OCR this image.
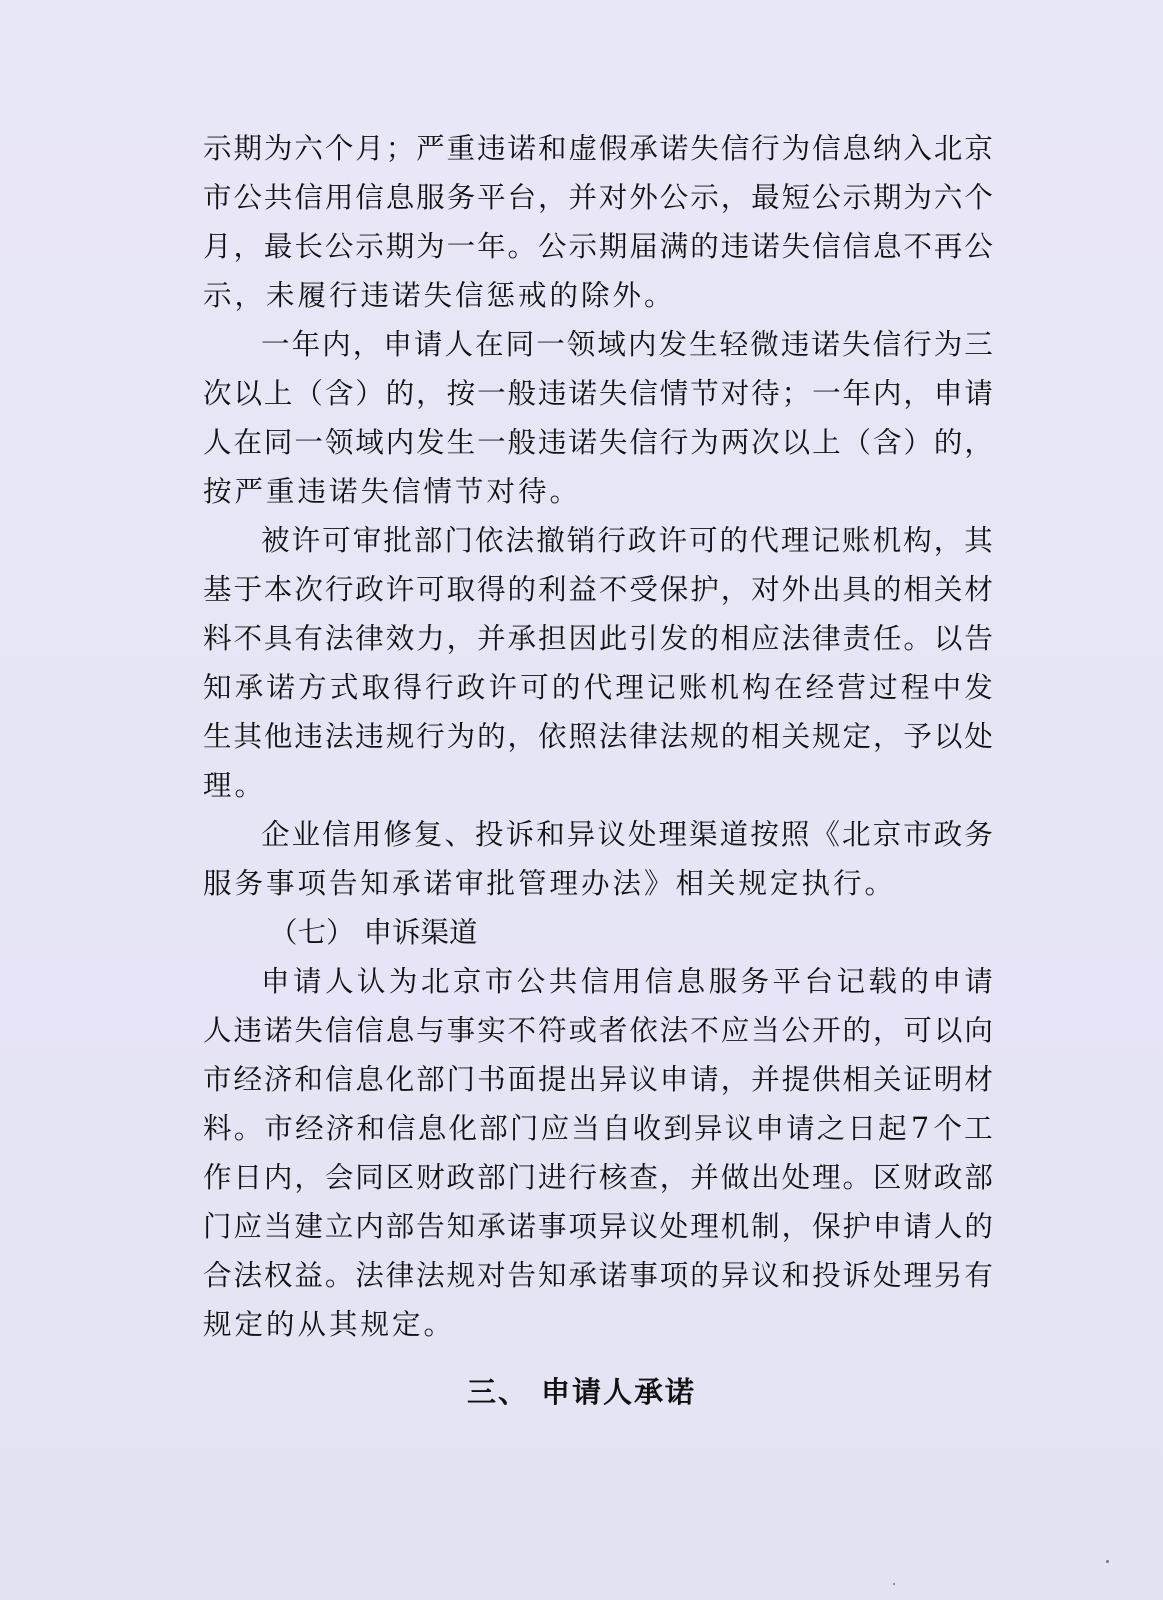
示 期 为 六 个 月 ； 严 重 违 诺 和 虚 假 承 诺 失 信 行 为 信 息 纳 入 北 京
市 公 共 信 用 信 息 服 务 平 台 ， 并 对 外 公 示 ， 最 短 公 示 期 为 六 个
月 ， 最 长 公 示 期 为 一 年 。 公 示 期 届 满 的 违 诺 失 信 信 息 不 再 公
示，未履行违诺失信惩戒的除外。
一 年 内 ， 申 请 人 在 同 一 领 域 内 发 生 轻 微 违 诺 失 信 行 为 三
次 以 上 （ 含 ） 的 ， 按 一 般 违 诺 失 信 情 节 对 待 ； 一 年 内 ， 申 请
人 在 同 一 领 域 内 发 生 一 般 违 诺 失 信 行 为 两 次 以 上 （ 含 ） 的 ，
按严重违诺失信情节对待。
被 许 可 审 批 部 门 依 法 撤 销 行 政 许 可 的 代 理 记 账 机 构 ， 其
基 于 本 次 行 政 许 可 取 得 的 利 益 不 受 保 护 ， 对 外 出 具 的 相 关 材
料 不 具 有 法 律 效 力 ， 并 承 担 因 此 引 发 的 相 应 法 律 责 任 。 以 告
知 承 诺 方 式 取 得 行 政 许 可 的 代 理 记 账 机 构 在 经 营 过 程 中 发
生 其 他 违 法 违 规 行 为 的 ， 依 照 法 律 法 规 的 相 关 规 定 ， 予 以 处
理。
企 业 信 用 修 复 、 投 诉 和 异 议 处 理 渠 道 按 照 《 北 京 市 政 务
服务事项告知承诺审批管理办法》相关规定执行。
（七） 申诉渠道
申 请 人 认 为 北 京 市 公 共 信 用 信 息 服 务 平 台 记 载 的 申 请
人 违 诺 失 信 信 息 与 事 实 不 符 或 者 依 法 不 应 当 公 开 的 ， 可 以 向
市 经 济 和 信 息 化 部 门 书 面 提 出 异 议 申 请 ， 并 提 供 相 关 证 明 材
料 。 市 经 济 和 信 息 化 部 门 应 当 自 收 到 异 议 申 请 之 日 起 7 个 工
作 日 内 ， 会 同 区 财 政 部 门 进 行 核 查 ， 并 做 出 处 理 。 区 财 政 部
门 应 当 建 立 内 部 告 知 承 诺 事 项 异 议 处 理 机 制 ， 保 护 申 请 人 的
合 法 权 益 。 法 律 法 规 对 告 知 承 诺 事 项 的 异 议 和 投 诉 处 理 另 有
规定的从其规定。
三、 申请人承诺
